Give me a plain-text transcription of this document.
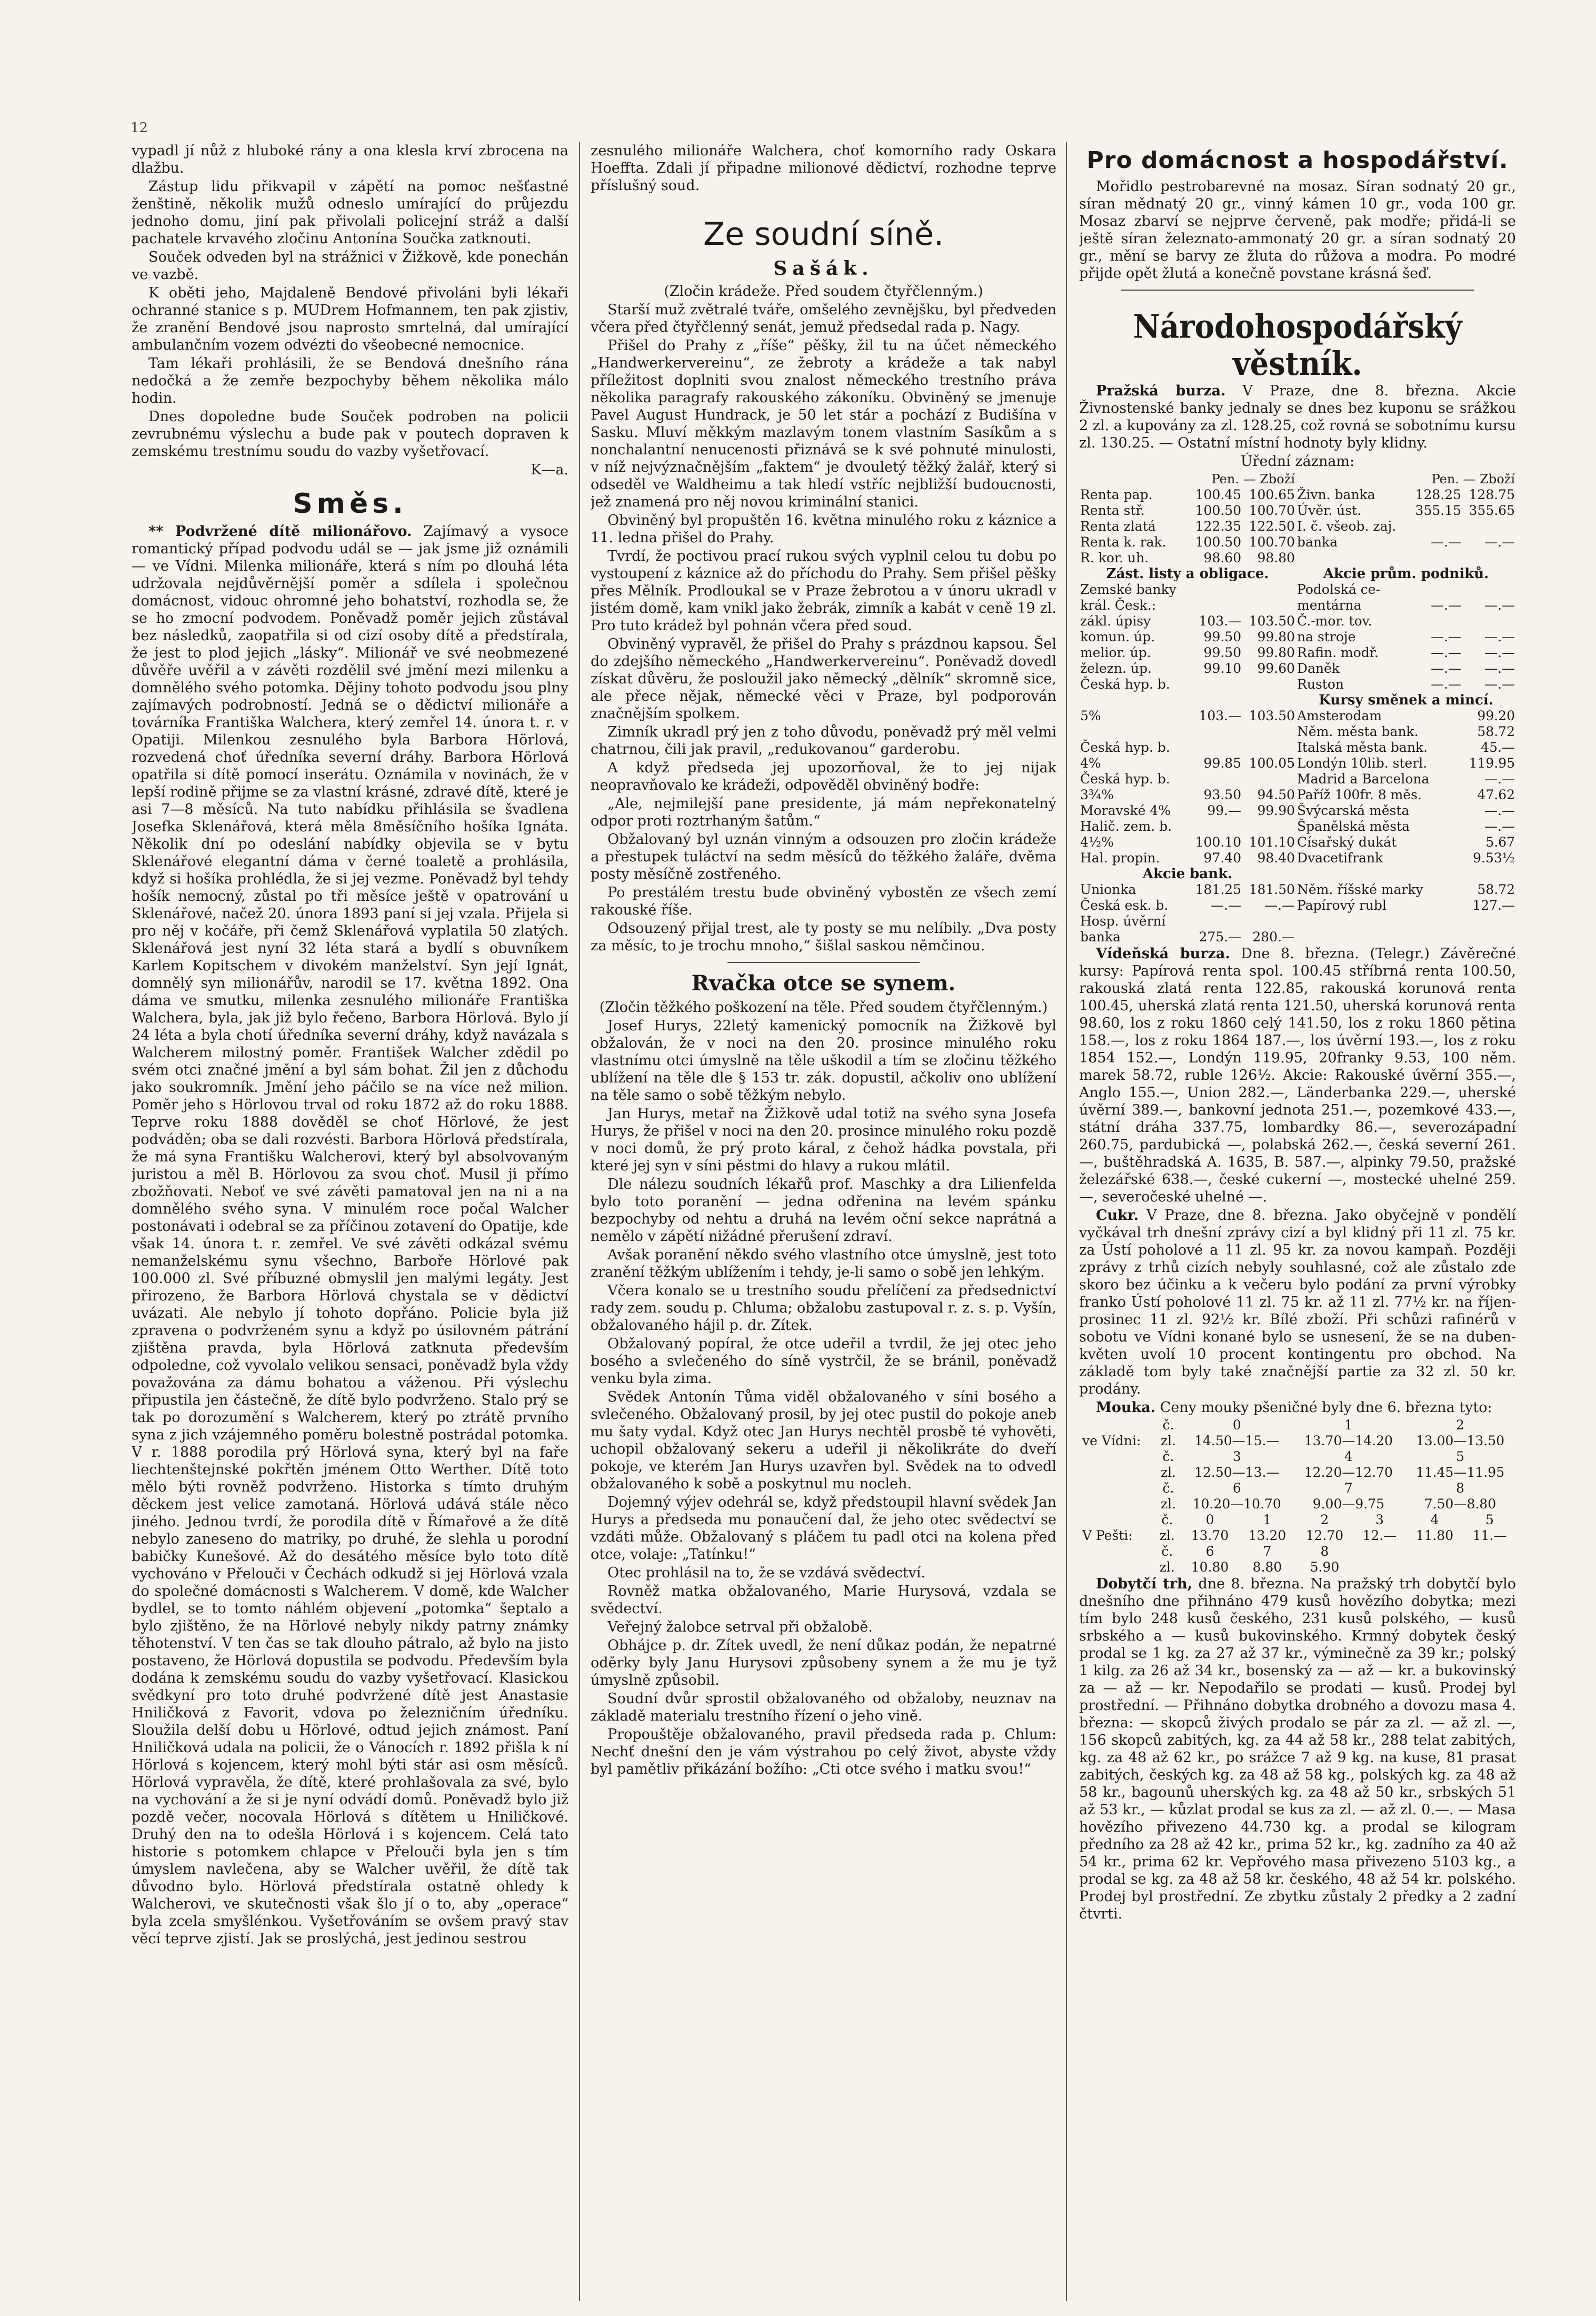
12

vypadl jí nůž z hluboké rány a ona klesla krví zbrocena na dlažbu.

Zástup lidu přikvapil v zápětí na pomoc nešťastné ženštině, několik mužů odneslo umírající do průjezdu jednoho domu, jiní pak přivolali policejní stráž a další pachatele krvavého zločinu Antonína Součka zatknouti.

Souček odveden byl na strážnici v Žižkově, kde ponechán ve vazbě.

K oběti jeho, Majdaleně Bendové přivoláni byli lékaři ochranné stanice s p. MUDrem Hofmannem, ten pak zjistiv, že zranění Bendové jsou naprosto smrtelná, dal umírající ambulančním vozem odvézti do všeobecné nemocnice.

Tam lékaři prohlásili, že se Bendová dnešního rána nedočká a že zemře bezpochyby během několika málo hodin.

Dnes dopoledne bude Souček podroben na policii zevrubnému výslechu a bude pak v poutech dopraven k zemskému trestnímu soudu do vazby vyšetřovací.

K—a.

Směs.

** Podvržené dítě milionářovo. Zajímavý a vysoce romantický případ podvodu udál se — jak jsme již oznámili — ve Vídni. Milenka milionáře, která s ním po dlouhá léta udržovala nejdůvěrnější poměr a sdílela i společnou domácnost, vidouc ohromné jeho bohatství, rozhodla se, že se ho zmocní podvodem. Poněvadž poměr jejich zůstával bez následků, zaopatřila si od cizí osoby dítě a předstírala, že jest to plod jejich „lásky“. Milionář ve své neobmezené důvěře uvěřil a v závěti rozdělil své jmění mezi milenku a domnělého svého potomka. Dějiny tohoto podvodu jsou plny zajímavých podrobností. Jedná se o dědictví milionáře a továrníka Františka Walchera, který zemřel 14. února t. r. v Opatiji. Milenkou zesnulého byla Barbora Hörlová, rozvedená choť úředníka severní dráhy. Barbora Hörlová opatřila si dítě pomocí inserátu. Oznámila v novinách, že v lepší rodině přijme se za vlastní krásné, zdravé dítě, které je asi 7—8 měsíců. Na tuto nabídku přihlásila se švadlena Josefka Sklenářová, která měla 8měsíčního hošíka Ignáta. Několik dní po odeslání nabídky objevila se v bytu Sklenářové elegantní dáma v černé toaletě a prohlásila, když si hošíka prohlédla, že si jej vezme. Poněvadž byl tehdy hošík nemocný, zůstal po tři měsíce ještě v opatrování u Sklenářové, načež 20. února 1893 paní si jej vzala. Přijela si pro něj v kočáře, při čemž Sklenářová vyplatila 50 zlatých. Sklenářová jest nyní 32 léta stará a bydlí s obuvníkem Karlem Kopitschem v divokém manželství. Syn její Ignát, domnělý syn milionářův, narodil se 17. května 1892. Ona dáma ve smutku, milenka zesnulého milionáře Františka Walchera, byla, jak již bylo řečeno, Barbora Hörlová. Bylo jí 24 léta a byla chotí úředníka severní dráhy, když navázala s Walcherem milostný poměr. František Walcher zdědil po svém otci značné jmění a byl sám bohat. Žil jen z důchodu jako soukromník. Jmění jeho páčilo se na více než milion. Poměr jeho s Hörlovou trval od roku 1872 až do roku 1888. Teprve roku 1888 dověděl se choť Hörlové, že jest podváděn; oba se dali rozvésti. Barbora Hörlová předstírala, že má syna Františku Walcherovi, který byl absolvovaným juristou a měl B. Hörlovou za svou choť. Musil ji přímo zbožňovati. Neboť ve své závěti pamatoval jen na ni a na domnělého svého syna. V minulém roce počal Walcher postonávati i odebral se za příčinou zotavení do Opatije, kde však 14. února t. r. zemřel. Ve své závěti odkázal svému nemanželskému synu všechno, Barboře Hörlové pak 100.000 zl. Své příbuzné obmyslil jen malými legáty. Jest přirozeno, že Barbora Hörlová chystala se v dědictví uvázati. Ale nebylo jí tohoto dopřáno. Policie byla již zpravena o podvrženém synu a když po úsilovném pátrání zjištěna pravda, byla Hörlová zatknuta především odpoledne, což vyvolalo velikou sensaci, poněvadž byla vždy považována za dámu bohatou a váženou. Při výslechu připustila jen částečně, že dítě bylo podvrženo. Stalo prý se tak po dorozumění s Walcherem, který po ztrátě prvního syna z jich vzájemného poměru bolestně postrádal potomka. V r. 1888 porodila prý Hörlová syna, který byl na faře liechtenštejnské pokřtěn jménem Otto Werther. Dítě toto mělo býti rovněž podvrženo. Historka s tímto druhým děckem jest velice zamotaná. Hörlová udává stále něco jiného. Jednou tvrdí, že porodila dítě v Římařové a že dítě nebylo zaneseno do matriky, po druhé, že slehla u porodní babičky Kunešové. Až do desátého měsíce bylo toto dítě vychováno v Přelouči v Čechách odkudž si jej Hörlová vzala do společné domácnosti s Walcherem. V domě, kde Walcher bydlel, se to tomto náhlém objevení „potomka“ šeptalo a bylo zjištěno, že na Hörlové nebyly nikdy patrny známky těhotenství. V ten čas se tak dlouho pátralo, až bylo na jisto postaveno, že Hörlová dopustila se podvodu. Především byla dodána k zemskému soudu do vazby vyšetřovací. Klasickou svědkyní pro toto druhé podvržené dítě jest Anastasie Hniličková z Favorit, vdova po železničním úředníku. Sloužila delší dobu u Hörlové, odtud jejich známost. Paní Hniličková udala na policii, že o Vánocích r. 1892 přišla k ní Hörlová s kojencem, který mohl býti stár asi osm měsíců. Hörlová vypravěla, že dítě, které prohlašovala za své, bylo na vychování a že si je nyní odvádí domů. Poněvadž bylo již pozdě večer, nocovala Hörlová s dítětem u Hniličkové. Druhý den na to odešla Hörlová i s kojencem. Celá tato historie s potomkem chlapce v Přelouči byla jen s tím úmyslem navlečena, aby se Walcher uvěřil, že dítě tak důvodno bylo. Hörlová předstírala ostatně ohledy k Walcherovi, ve skutečnosti však šlo jí o to, aby „operace“ byla zcela smyšlénkou. Vyšetřováním se ovšem pravý stav věcí teprve zjistí. Jak se proslýchá, jest jedinou sestrou

zesnulého milionáře Walchera, choť komorního rady Oskara Hoeffta. Zdali jí připadne milionové dědictví, rozhodne teprve příslušný soud.

Ze soudní síně.
Sašák.

(Zločin krádeže. Před soudem čtyřčlenným.)

Starší muž zvětralé tváře, omšelého zevnějšku, byl předveden včera před čtyřčlenný senát, jemuž předsedal rada p. Nagy.

Přišel do Prahy z „říše“ pěšky, žil tu na účet německého „Handwerkervereinu“, ze žebroty a krádeže a tak nabyl příležitost doplniti svou znalost německého trestního práva několika paragrafy rakouského zákoníku. Obviněný se jmenuje Pavel August Hundrack, je 50 let stár a pochází z Budišína v Sasku. Mluví měkkým mazlavým tonem vlastním Sasíkům a s nonchalantní nenucenosti přiznává se k své pohnuté minulosti, v níž nejvýznačnějším „faktem“ je dvouletý těžký žalář, který si odseděl ve Waldheimu a tak hledí vstříc nejbližší budoucnosti, jež znamená pro něj novou kriminální stanici.

Obviněný byl propuštěn 16. května minulého roku z káznice a 11. ledna přišel do Prahy.

Tvrdí, že poctivou prací rukou svých vyplnil celou tu dobu po vystoupení z káznice až do příchodu do Prahy. Sem přišel pěšky přes Mělník. Prodloukal se v Praze žebrotou a v únoru ukradl v jistém domě, kam vnikl jako žebrák, zimník a kabát v ceně 19 zl. Pro tuto krádež byl pohnán včera před soud.

Obviněný vypravěl, že přišel do Prahy s prázdnou kapsou. Šel do zdejšího německého „Handwerkervereinu“. Poněvadž dovedl získat důvěru, že posloužil jako německý „dělník“ skromně sice, ale přece nějak, německé věci v Praze, byl podporován značnějším spolkem.

Zimník ukradl prý jen z toho důvodu, poněvadž prý měl velmi chatrnou, čili jak pravil, „redukovanou“ garderobu.

A když předseda jej upozorňoval, že to jej nijak neopravňovalo ke krádeži, odpověděl obviněný bodře:

„Ale, nejmilejší pane presidente, já mám nepřekonatelný odpor proti roztrhaným šatům.“

Obžalovaný byl uznán vinným a odsouzen pro zločin krádeže a přestupek tuláctví na sedm měsíců do těžkého žaláře, dvěma posty měsíčně zostřeného.

Po prestálém trestu bude obviněný vybostěn ze všech zemí rakouské říše.

Odsouzený přijal trest, ale ty posty se mu nelíbily. „Dva posty za měsíc, to je trochu mnoho,“ šišlal saskou němčinou.

Rvačka otce se synem.

(Zločin těžkého poškození na těle. Před soudem čtyřčlenným.)

Josef Hurys, 22letý kamenický pomocník na Žižkově byl obžalován, že v noci na den 20. prosince minulého roku vlastnímu otci úmyslně na těle uškodil a tím se zločinu těžkého ublížení na těle dle § 153 tr. zák. dopustil, ačkoliv ono ublížení na těle samo o sobě těžkým nebylo.

Jan Hurys, metař na Žižkově udal totiž na svého syna Josefa Hurys, že přišel v noci na den 20. prosince minulého roku pozdě v noci domů, že prý proto káral, z čehož hádka povstala, při které jej syn v síni pěstmi do hlavy a rukou mlátil.

Dle nálezu soudních lékařů prof. Maschky a dra Lilienfelda bylo toto poranění — jedna odřenina na levém spánku bezpochyby od nehtu a druhá na levém oční sekce naprátná a nemělo v zápětí nižádné přerušení zdraví.

Avšak poranění někdo svého vlastního otce úmyslně, jest toto zranění těžkým ublížením i tehdy, je-li samo o sobě jen lehkým.

Včera konalo se u trestního soudu přelíčení za předsednictví rady zem. soudu p. Chluma; obžalobu zastupoval r. z. s. p. Vyšín, obžalovaného hájil p. dr. Zítek.

Obžalovaný popíral, že otce udeřil a tvrdil, že jej otec jeho bosého a svlečeného do síně vystrčil, že se bránil, poněvadž venku byla zima.

Svědek Antonín Tůma viděl obžalovaného v síni bosého a svlečeného. Obžalovaný prosil, by jej otec pustil do pokoje aneb mu šaty vydal. Když otec Jan Hurys nechtěl prosbě té vyhověti, uchopil obžalovaný sekeru a udeřil ji několikráte do dveří pokoje, ve kterém Jan Hurys uzavřen byl. Svědek na to odvedl obžalovaného k sobě a poskytnul mu nocleh.

Dojemný výjev odehrál se, když předstoupil hlavní svědek Jan Hurys a předseda mu ponaučení dal, že jeho otec svědectví se vzdáti může. Obžalovaný s pláčem tu padl otci na kolena před otce, volaje: „Tatínku!“

Otec prohlásil na to, že se vzdává svědectví.

Rovněž matka obžalovaného, Marie Hurysová, vzdala se svědectví.

Veřejný žalobce setrval při obžalobě.

Obhájce p. dr. Zítek uvedl, že není důkaz podán, že nepatrné oděrky byly Janu Hurysovi způsobeny synem a že mu je tyž úmyslně způsobil.

Soudní dvůr sprostil obžalovaného od obžaloby, neuznav na základě materialu trestního řízení o jeho vině.

Propouštěje obžalovaného, pravil předseda rada p. Chlum: Nechť dnešní den je vám výstrahou po celý život, abyste vždy byl pamětliv přikázání božího: „Cti otce svého i matku svou!“

Pro domácnost a hospodářství.

Mořidlo pestrobarevné na mosaz. Síran sodnatý 20 gr., síran mědnatý 20 gr., vinný kámen 10 gr., voda 100 gr. Mosaz zbarví se nejprve červeně, pak modře; přidá-li se ještě síran železnato-ammonatý 20 gr. a síran sodnatý 20 gr., mění se barvy ze žluta do růžova a modra. Po modré přijde opět žlutá a konečně povstane krásná šeď.

Národohospodářský věstník.

Pražská burza. V Praze, dne 8. března. Akcie Živnostenské banky jednaly se dnes bez kuponu se srážkou 2 zl. a kupovány za zl. 128.25, což rovná se sobotnímu kursu zl. 130.25. — Ostatní místní hodnoty byly klidny.

Úřední záznam:

	Pen. — Zboží			Pen. — Zboží	
Renta pap.	100.45	100.65	Živn. banka	128.25	128.75
Renta stř.	100.50	100.70	Úvěr. úst.	355.15	355.65
Renta zlatá	122.35	122.50	I. č. všeob. zaj.		
Renta k. rak.	100.50	100.70	banka	—.—	—.—
R. kor. uh.	98.60	98.80			
Zást. listy a obligace.			Akcie prům. podniků.		
Zemské banky			Podolská ce-		
král. Česk.:			mentárna	—.—	—.—
zákl. úpisy	103.—	103.50	Č.-mor. tov.		
komun. úp.	99.50	99.80	na stroje	—.—	—.—
melior. úp.	99.50	99.80	Rafin. modř.	—.—	—.—
železn. úp.	99.10	99.60	Daněk	—.—	—.—
Česká hyp. b.			Ruston	—.—	—.—
			Kursy směnek a mincí.		
5%	103.—	103.50	Amsterodam		99.20
			Něm. města bank.		58.72
Česká hyp. b.			Italská města bank.		45.—
4%	99.85	100.05	Londýn 10lib. sterl.		119.95
Česká hyp. b.			Madrid a Barcelona		—.—
3¾%	93.50	94.50	Paříž 100fr. 8 měs.		47.62
Moravské 4%	99.—	99.90	Švýcarská města		—.—
Halič. zem. b.			Španělská města		—.—
4½%	100.10	101.10	Císařský dukát		5.67
Hal. propin.	97.40	98.40	Dvacetifrank		9.53½
Akcie bank.					
Unionka	181.25	181.50	Něm. říšské marky		58.72
Česká esk. b.	—.—	—.—	Papírový rubl		127.—
Hosp. úvěrní					
banka	275.—	280.—			

Vídeňská burza. Dne 8. března. (Telegr.) Závěrečné kursy: Papírová renta spol. 100.45 stříbrná renta 100.50, rakouská zlatá renta 122.85, rakouská korunová renta 100.45, uherská zlatá renta 121.50, uherská korunová renta 98.60, los z roku 1860 celý 141.50, los z roku 1860 pětina 158.—, los z roku 1864 187.—, los úvěrní 193.—, los z roku 1854 152.—, Londýn 119.95, 20franky 9.53, 100 něm. marek 58.72, ruble 126½. Akcie: Rakouské úvěrní 355.—, Anglo 155.—, Union 282.—, Länderbanka 229.—, uherské úvěrní 389.—, bankovní jednota 251.—, pozemkové 433.—, státní dráha 337.75, lombardky 86.—, severozápadní 260.75, pardubická —, polabská 262.—, česká severní 261.—, buštěhradská A. 1635, B. 587.—, alpinky 79.50, pražské železářské 638.—, české cukerní —, mostecké uhelné 259.—, severočeské uhelné —.

Cukr. V Praze, dne 8. března. Jako obyčejně v pondělí vyčkával trh dnešní zprávy cizí a byl klidný při 11 zl. 75 kr. za Ústí poholové a 11 zl. 95 kr. za novou kampaň. Později zprávy z trhů cizích nebyly souhlasné, což ale zůstalo zde skoro bez účinku a k večeru bylo podání za první výrobky franko Ústí poholové 11 zl. 75 kr. až 11 zl. 77½ kr. na říjen-prosinec 11 zl. 92½ kr. Bílé zboží. Při schůzi rafinérů v sobotu ve Vídni konané bylo se usnesení, že se na duben-květen uvolí 10 procent kontingentu pro obchod. Na základě tom byly také značnější partie za 32 zl. 50 kr. prodány.

Mouka. Ceny mouky pšeničné byly dne 6. března tyto:

	č.	0	1	2
ve Vídni:	zl.	14.50—15.—	13.70—14.20	13.00—13.50
	č.	3	4	5
	zl.	12.50—13.—	12.20—12.70	11.45—11.95
	č.	6	7	8
	zl.	10.20—10.70	9.00—9.75	7.50—8.80
	č.	0	1	2	3	4	5
V Pešti:	zl.	13.70	13.20	12.70	12.—	11.80	11.—
	č.	6	7	8			
	zl.	10.80	8.80	5.90			

Dobytčí trh, dne 8. března. Na pražský trh dobytčí bylo dnešního dne přihnáno 479 kusů hovězího dobytka; mezi tím bylo 248 kusů českého, 231 kusů polského, — kusů srbského a — kusů bukovinského. Krmný dobytek český prodal se 1 kg. za 27 až 37 kr., výminečně za 39 kr.; polský 1 kilg. za 26 až 34 kr., bosenský za — až — kr. a bukovinský za — až — kr. Nepodařilo se prodati — kusů. Prodej byl prostřední. — Přihnáno dobytka drobného a dovozu masa 4. března: — skopců živých prodalo se pár za zl. — až zl. —, 156 skopců zabitých, kg. za 44 až 58 kr., 288 telat zabitých, kg. za 48 až 62 kr., po srážce 7 až 9 kg. na kuse, 81 prasat zabitých, českých kg. za 48 až 58 kg., polských kg. za 48 až 58 kr., bagounů uherských kg. za 48 až 50 kr., srbských 51 až 53 kr., — kůzlat prodal se kus za zl. — až zl. 0.—. — Masa hovězího přivezeno 44.730 kg. a prodal se kilogram předního za 28 až 42 kr., prima 52 kr., kg. zadního za 40 až 54 kr., prima 62 kr. Vepřového masa přivezeno 5103 kg., a prodal se kg. za 48 až 58 kr. českého, 48 až 54 kr. polského. Prodej byl prostřední. Ze zbytku zůstaly 2 předky a 2 zadní čtvrti.
